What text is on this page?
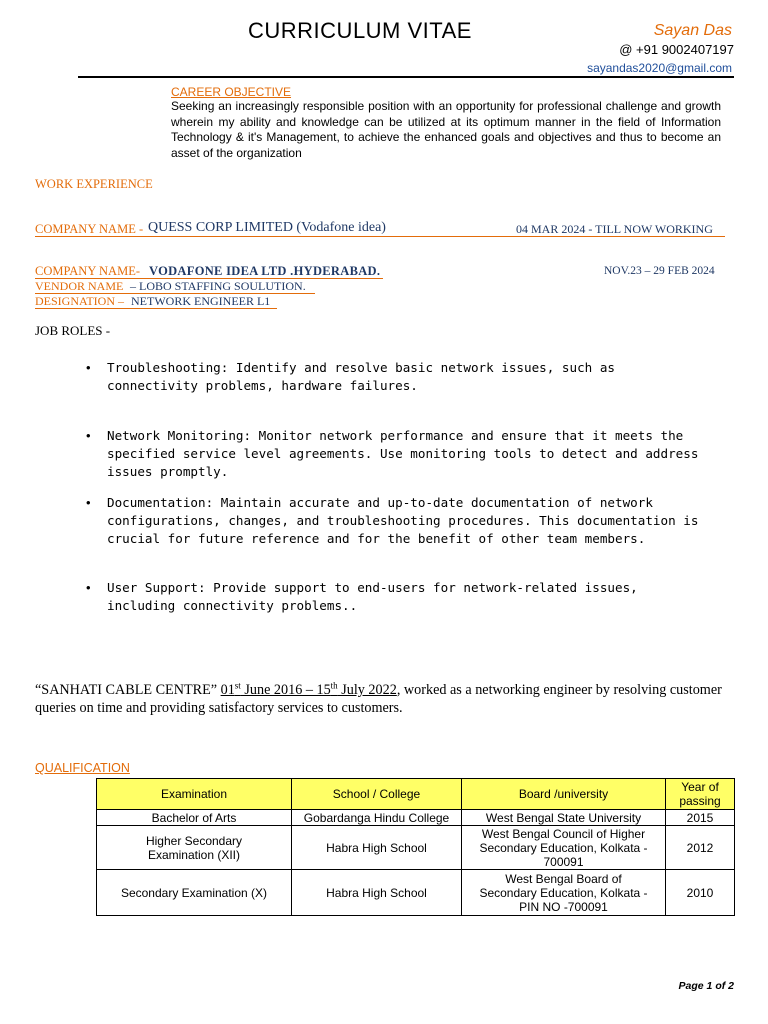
CURRICULUM VITAE	Sayan Das
@ +91 9002407197
sayandas2020@gmail.com
CAREER OBJECTIVE
Seeking an increasingly responsible position with an opportunity for professional challenge and growth wherein my ability and knowledge can be utilized at its optimum manner in the field of Information Technology & it's Management, to achieve the enhanced goals and objectives and thus to become an asset of the organization
WORK EXPERIENCE
COMPANY NAME - QUESS CORP LIMITED (Vodafone idea)	04 MAR 2024 - TILL NOW WORKING
COMPANY NAME- VODAFONE IDEA LTD .HYDERABAD.	NOV.23 – 29 FEB 2024
VENDOR NAME – LOBO STAFFING SOULUTION.
DESIGNATION – NETWORK ENGINEER L1
JOB ROLES -
• Troubleshooting: Identify and resolve basic network issues, such as connectivity problems, hardware failures.
• Network Monitoring: Monitor network performance and ensure that it meets the specified service level agreements. Use monitoring tools to detect and address issues promptly.
• Documentation: Maintain accurate and up-to-date documentation of network configurations, changes, and troubleshooting procedures. This documentation is crucial for future reference and for the benefit of other team members.
• User Support: Provide support to end-users for network-related issues, including connectivity problems..
“SANHATI CABLE CENTRE” 01st June 2016 – 15th July 2022, worked as a networking engineer by resolving customer queries on time and providing satisfactory services to customers.
QUALIFICATION
Examination	School / College	Board /university	Year of passing
Bachelor of Arts	Gobardanga Hindu College	West Bengal State University	2015
Higher Secondary Examination (XII)	Habra High School	West Bengal Council of Higher Secondary Education, Kolkata - 700091	2012
Secondary Examination (X)	Habra High School	West Bengal Board of Secondary Education, Kolkata - PIN NO -700091	2010
Page 1 of 2
